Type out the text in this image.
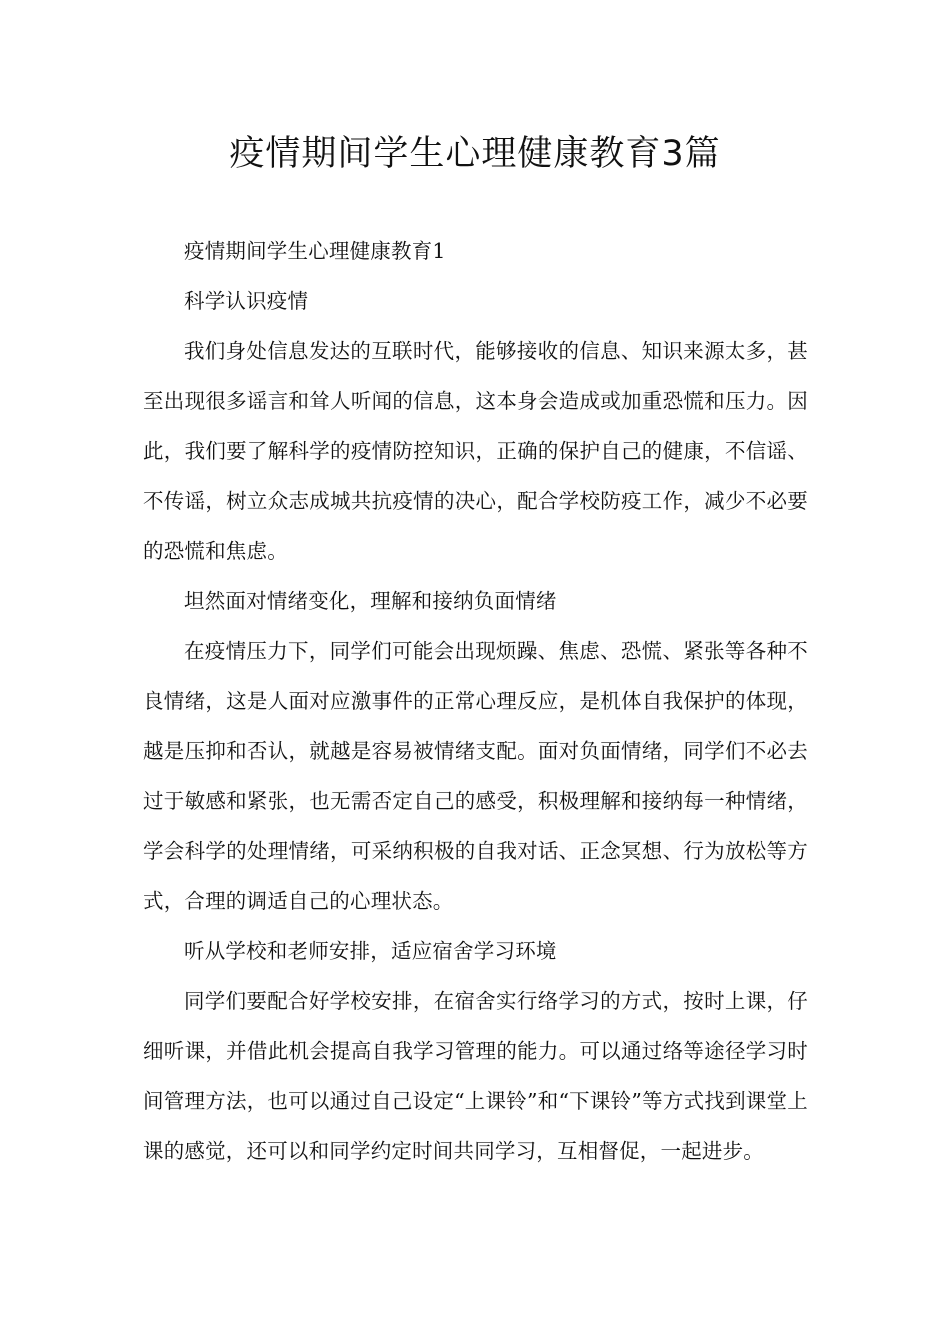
疫情期间学生心理健康教育3篇

疫情期间学生心理健康教育1

科学认识疫情

我们身处信息发达的互联时代，能够接收的信息、知识来源太多，甚至出现很多谣言和耸人听闻的信息，这本身会造成或加重恐慌和压力。因此，我们要了解科学的疫情防控知识，正确的保护自己的健康，不信谣、不传谣，树立众志成城共抗疫情的决心，配合学校防疫工作，减少不必要的恐慌和焦虑。

坦然面对情绪变化，理解和接纳负面情绪

在疫情压力下，同学们可能会出现烦躁、焦虑、恐慌、紧张等各种不良情绪，这是人面对应激事件的正常心理反应，是机体自我保护的体现，越是压抑和否认，就越是容易被情绪支配。面对负面情绪，同学们不必去过于敏感和紧张，也无需否定自己的感受，积极理解和接纳每一种情绪，学会科学的处理情绪，可采纳积极的自我对话、正念冥想、行为放松等方式，合理的调适自己的心理状态。

听从学校和老师安排，适应宿舍学习环境

同学们要配合好学校安排，在宿舍实行络学习的方式，按时上课，仔细听课，并借此机会提高自我学习管理的能力。可以通过络等途径学习时间管理方法，也可以通过自己设定“上课铃”和“下课铃”等方式找到课堂上课的感觉，还可以和同学约定时间共同学习，互相督促，一起进步。
